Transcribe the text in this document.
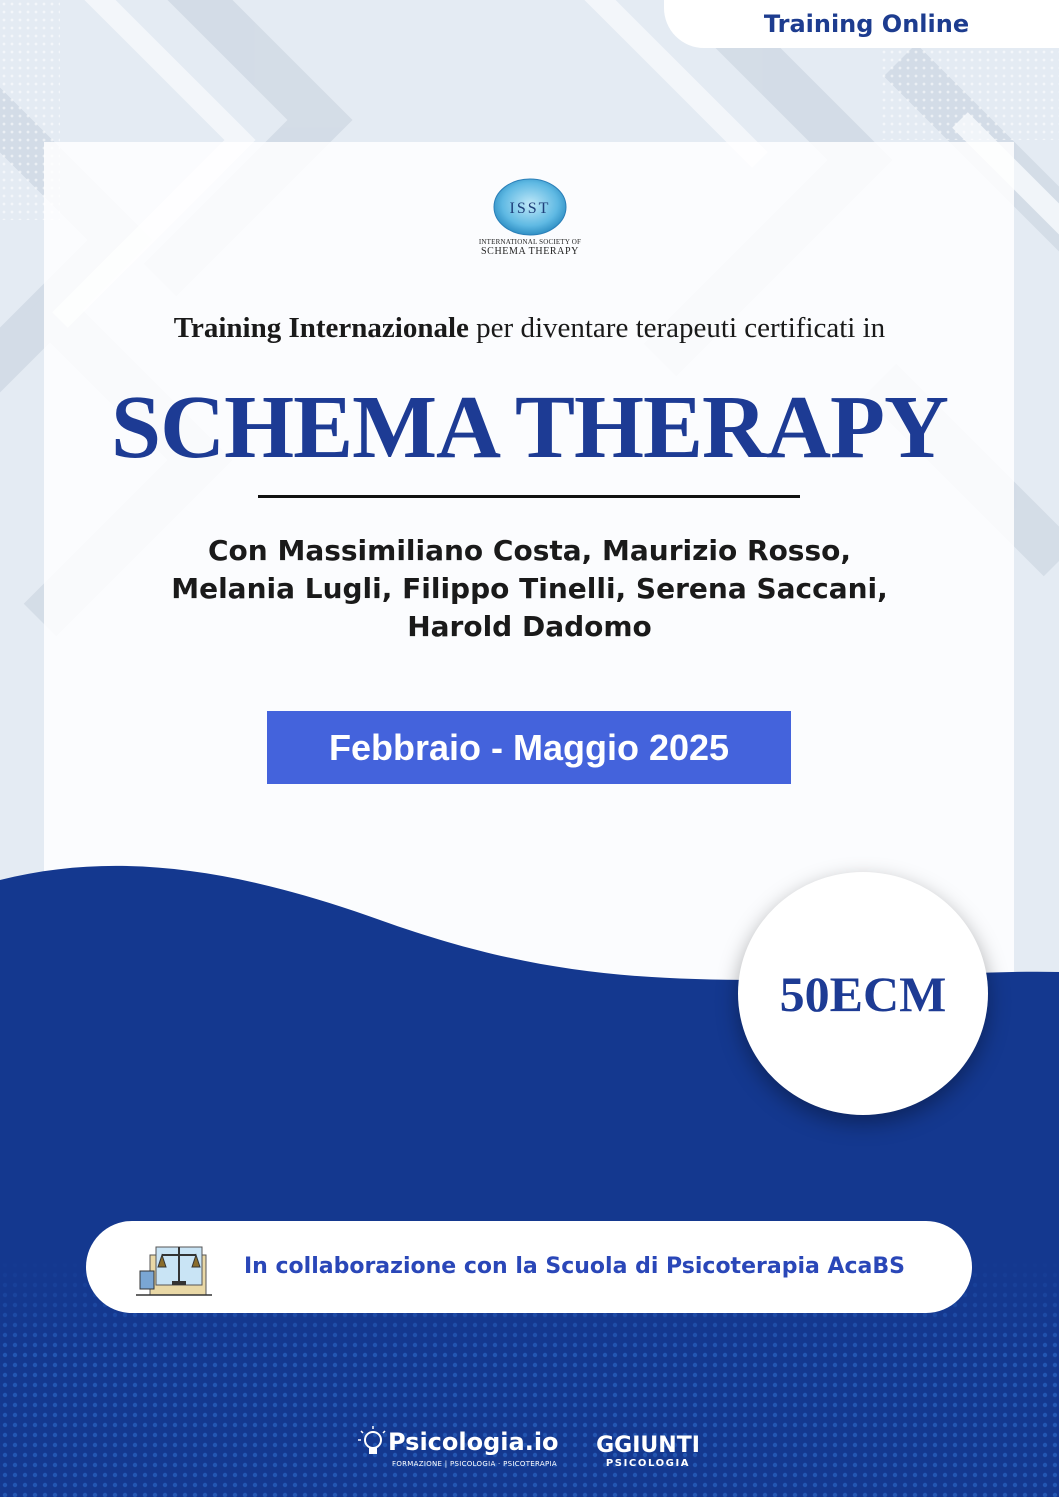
Training Online
ISST
INTERNATIONAL SOCIETY OF
SCHEMA THERAPY
Training Internazionale per diventare terapeuti certificati in
SCHEMA THERAPY
Con Massimiliano Costa, Maurizio Rosso,
Melania Lugli, Filippo Tinelli, Serena Saccani,
Harold Dadomo
Febbraio - Maggio 2025
50ECM
In collaborazione con la Scuola di Psicoterapia AcaBS
Psicologia.io
FORMAZIONE | PSICOLOGIA · PSICOTERAPIA
GGIUNTI
PSICOLOGIA
